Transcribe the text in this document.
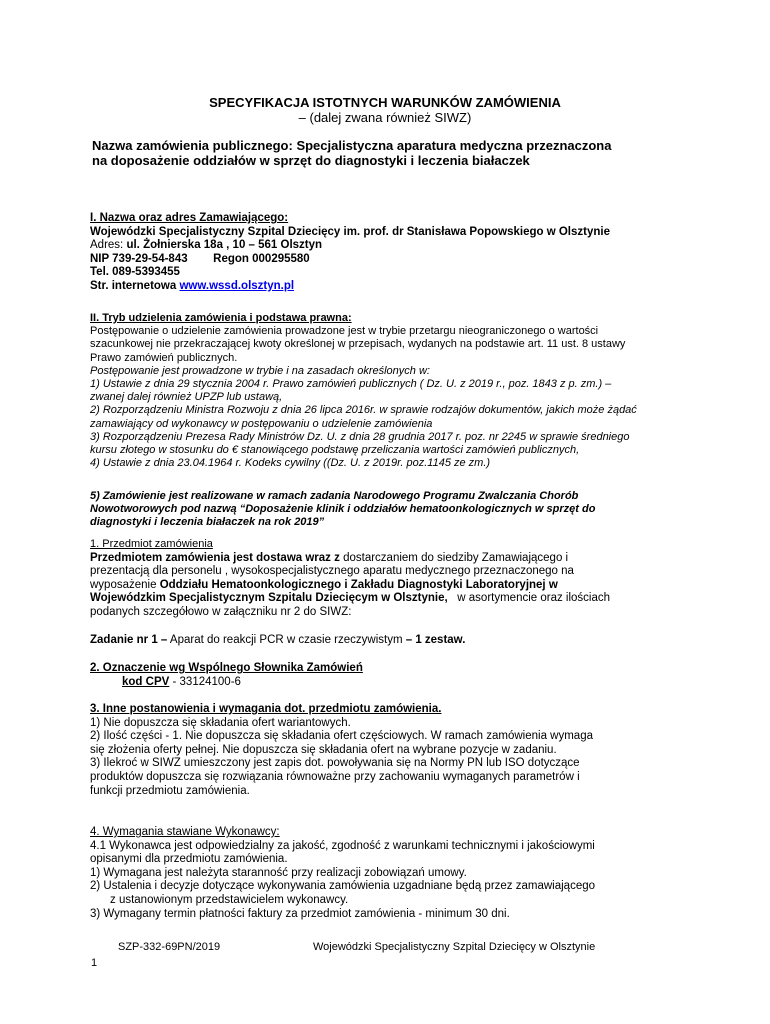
SPECYFIKACJA ISTOTNYCH WARUNKÓW ZAMÓWIENIA
– (dalej zwana również SIWZ)

Nazwa zamówienia publicznego: Specjalistyczna aparatura medyczna przeznaczona

na doposażenie oddziałów w sprzęt do diagnostyki i leczenia białaczek

I. Nazwa oraz adres Zamawiającego:

Wojewódzki Specjalistyczny Szpital Dziecięcy im. prof. dr Stanisława Popowskiego w Olsztynie

Adres: ul. Żołnierska 18a , 10 – 561 Olsztyn

NIP 739-29-54-843 Regon 000295580

Tel. 089-5393455

Str. internetowa www.wssd.olsztyn.pl

II. Tryb udzielenia zamówienia i podstawa prawna:

Postępowanie o udzielenie zamówienia prowadzone jest w trybie przetargu nieograniczonego o wartości

szacunkowej nie przekraczającej kwoty określonej w przepisach, wydanych na podstawie art. 11 ust. 8 ustawy

Prawo zamówień publicznych.

Postępowanie jest prowadzone w trybie i na zasadach określonych w:

1) Ustawie z dnia 29 stycznia 2004 r. Prawo zamówień publicznych ( Dz. U. z 2019 r., poz. 1843 z p. zm.) –

zwanej dalej również UPZP lub ustawą,

2) Rozporządzeniu Ministra Rozwoju z dnia 26 lipca 2016r. w sprawie rodzajów dokumentów, jakich może żądać

zamawiający od wykonawcy w postępowaniu o udzielenie zamówienia

3) Rozporządzeniu Prezesa Rady Ministrów Dz. U. z dnia 28 grudnia 2017 r. poz. nr 2245 w sprawie średniego

kursu złotego w stosunku do € stanowiącego podstawę przeliczania wartości zamówień publicznych,

4) Ustawie z dnia 23.04.1964 r. Kodeks cywilny ((Dz. U. z 2019r. poz.1145 ze zm.)

5) Zamówienie jest realizowane w ramach zadania Narodowego Programu Zwalczania Chorób

Nowotworowych pod nazwą “Doposażenie klinik i oddziałów hematoonkologicznych w sprzęt do

diagnostyki i leczenia białaczek na rok 2019”

1. Przedmiot zamówienia

Przedmiotem zamówienia jest dostawa wraz z dostarczaniem do siedziby Zamawiającego i

prezentacją dla personelu , wysokospecjalistycznego aparatu medycznego przeznaczonego na

wyposażenie Oddziału Hematoonkologicznego i Zakładu Diagnostyki Laboratoryjnej w

Wojewódzkim Specjalistycznym Szpitalu Dziecięcym w Olsztynie, w asortymencie oraz ilościach

podanych szczegółowo w załączniku nr 2 do SIWZ:

Zadanie nr 1 – Aparat do reakcji PCR w czasie rzeczywistym – 1 zestaw.

2. Oznaczenie wg Wspólnego Słownika Zamówień

kod CPV - 33124100-6

3. Inne postanowienia i wymagania dot. przedmiotu zamówienia.

1) Nie dopuszcza się składania ofert wariantowych.

2) Ilość części - 1. Nie dopuszcza się składania ofert częściowych. W ramach zamówienia wymaga

się złożenia oferty pełnej. Nie dopuszcza się składania ofert na wybrane pozycje w zadaniu.

3) Ilekroć w SIWZ umieszczony jest zapis dot. powoływania się na Normy PN lub ISO dotyczące

produktów dopuszcza się rozwiązania równoważne przy zachowaniu wymaganych parametrów i

funkcji przedmiotu zamówienia.

4. Wymagania stawiane Wykonawcy:

4.1 Wykonawca jest odpowiedzialny za jakość, zgodność z warunkami technicznymi i jakościowymi

opisanymi dla przedmiotu zamówienia.

1) Wymagana jest należyta staranność przy realizacji zobowiązań umowy.

2) Ustalenia i decyzje dotyczące wykonywania zamówienia uzgadniane będą przez zamawiającego

z ustanowionym przedstawicielem wykonawcy.

3) Wymagany termin płatności faktury za przedmiot zamówienia - minimum 30 dni.

SZP-332-69PN/2019	Wojewódzki Specjalistyczny Szpital Dziecięcy w Olsztynie
1
